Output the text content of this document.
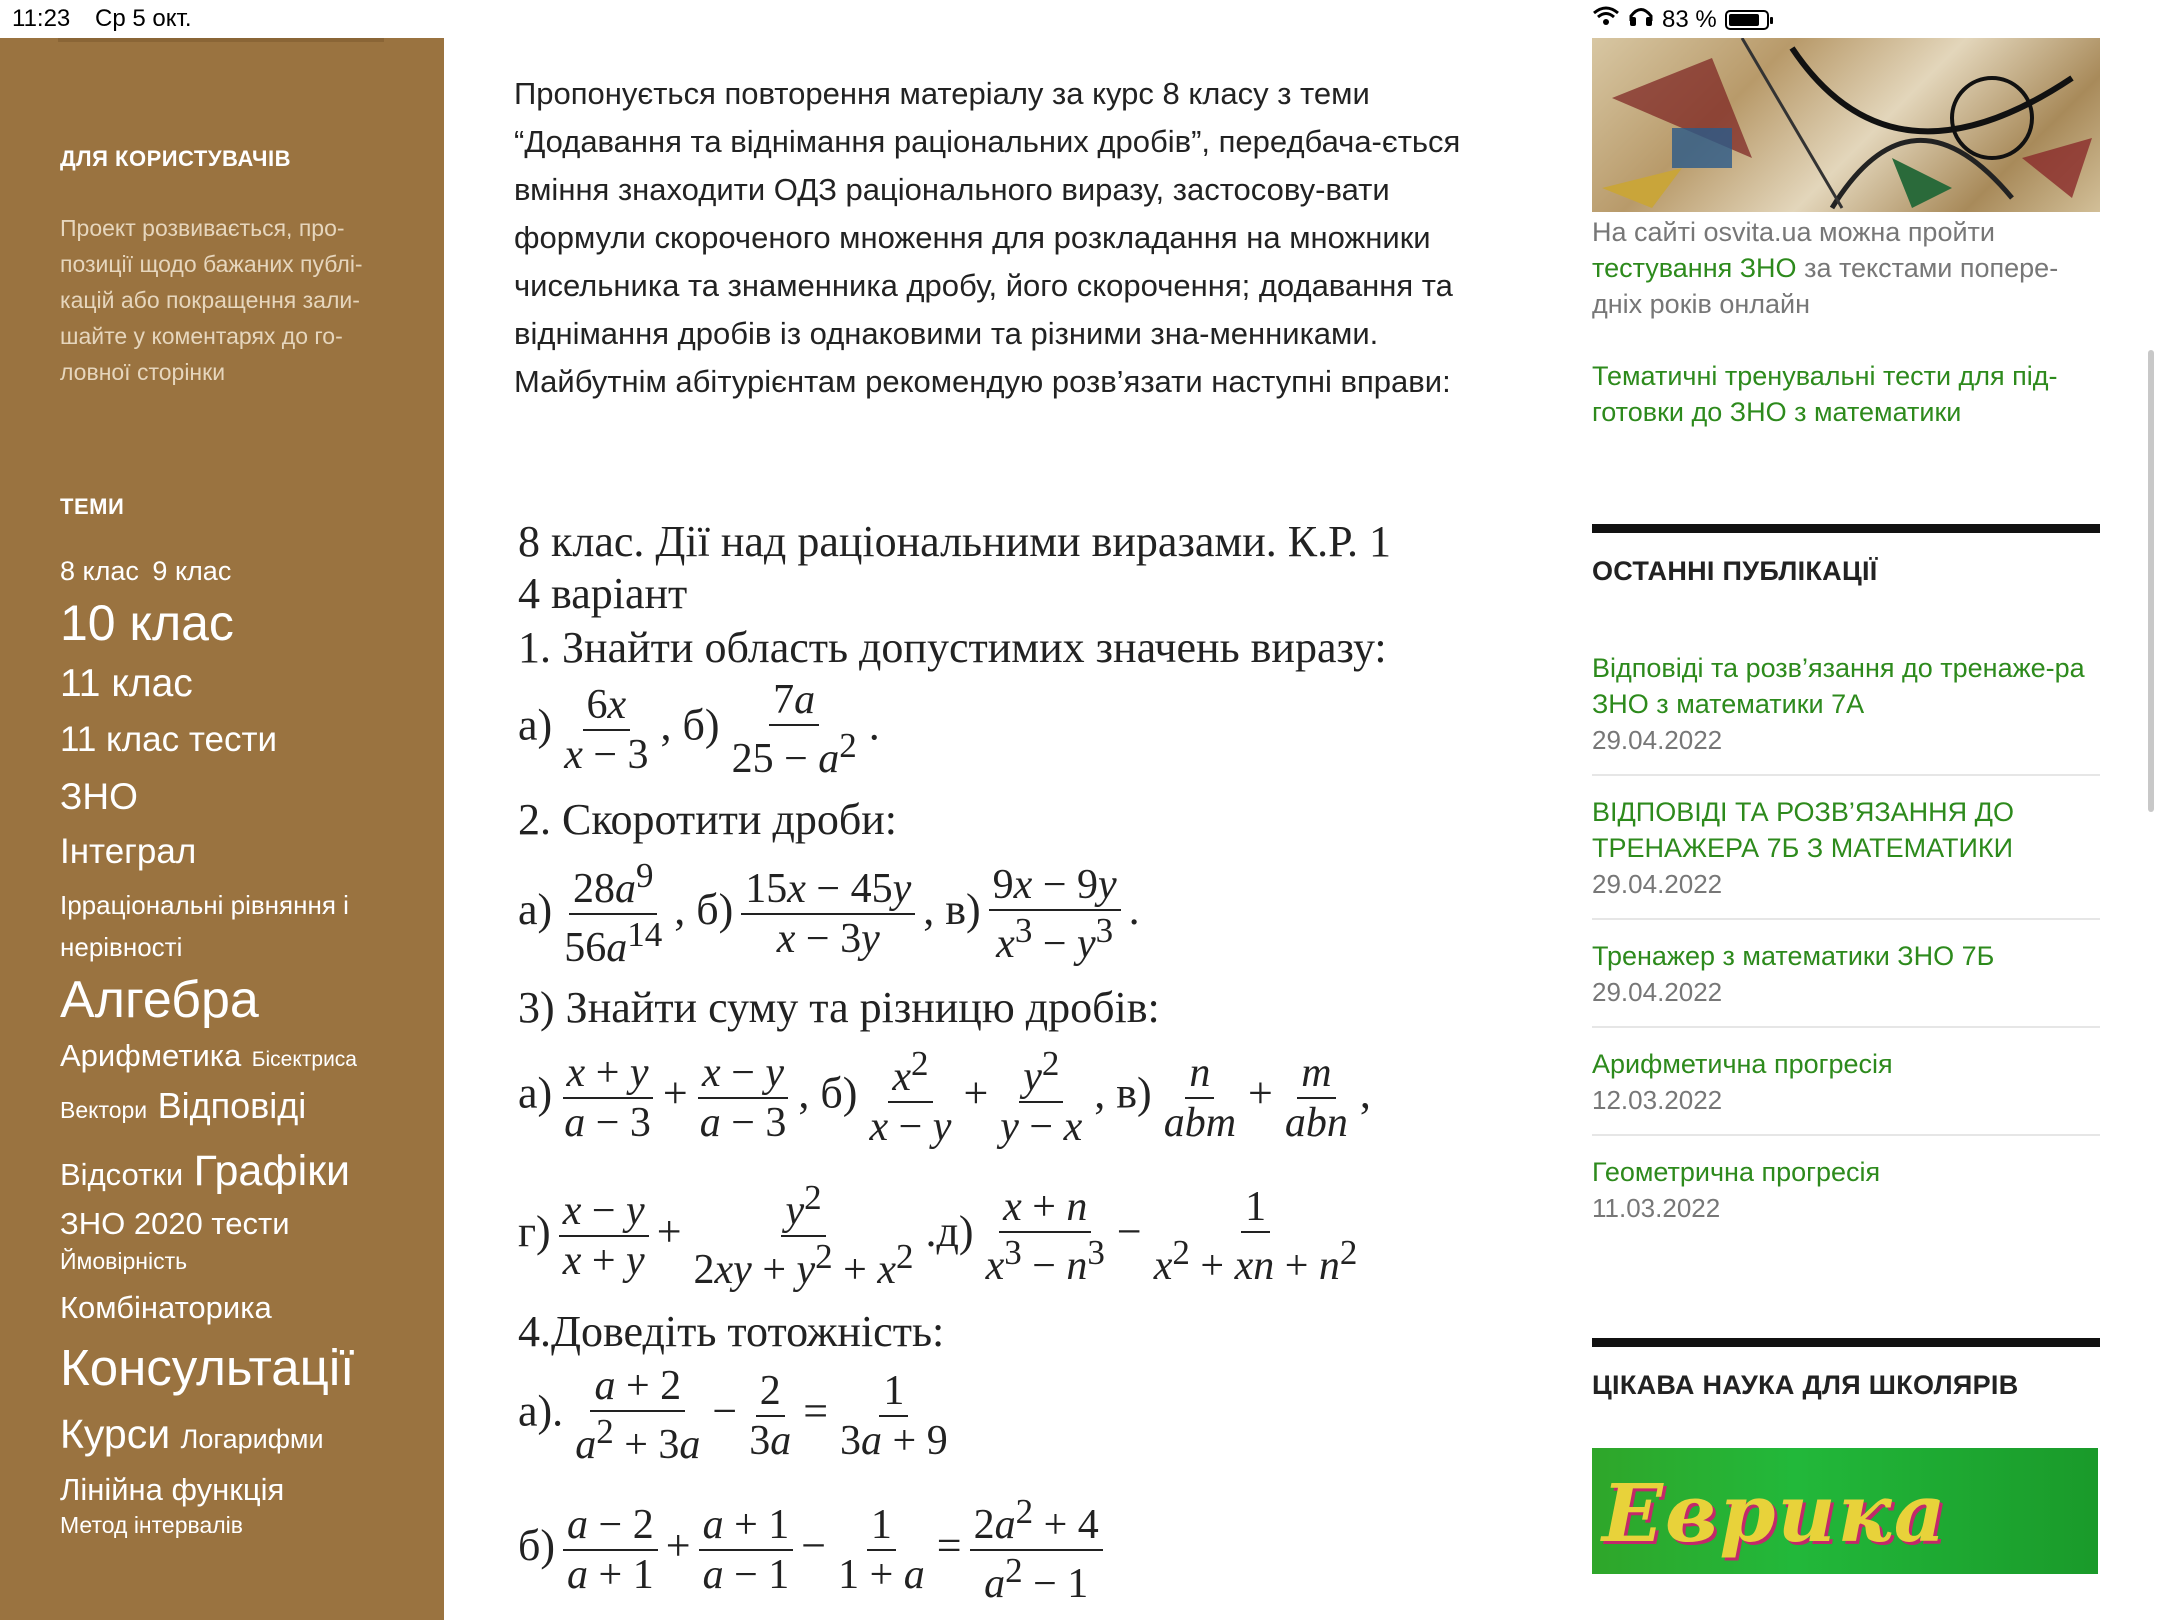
11:23 Ср 5 окт.	83 %
ДЛЯ КОРИСТУВАЧІВ
Проект розвивається, про-позиції щодо бажаних публі-кацій або покращення зали-шайте у коментарях до го-ловної сторінки
ТЕМИ
8 клас 9 клас
10 клас
11 клас
11 клас тести
ЗНО
Інтеграл
Ірраціональні рівняння і нерівності
Алгебра
Арифметика Бісектриса
Вектори Відповіді
Відсотки Графіки
ЗНО 2020 тести
Ймовірність
Комбінаторика
Консультації
Курси Логарифми
Лінійна функція
Метод інтервалів
Пропонується повторення матеріалу за курс 8 класу з теми “Додавання та віднімання раціональних дробів”, передбача-ється вміння знаходити ОДЗ раціонального виразу, застосову-вати формули скороченого множення для розкладання на множники чисельника та знаменника дробу, його скорочення; додавання та віднімання дробів із однаковими та різними зна-менниками. Майбутнім абітурієнтам рекомендую розв’язати наступні вправи:
8 клас. Дії над раціональними виразами. К.Р. 1
4 варіант
1. Знайти область допустимих значень виразу:
$а) \frac{6x}{x - 3}$ , $б) \frac{7a}{25 - a^2}$ .
2. Скоротити дроби:
$а) \frac{28a^9}{56a^{14}}$ , $б) \frac{15x - 45y}{x - 3y}$ , $в) \frac{9x - 9y}{x^3 - y^3}$ .
3) Знайти суму та різницю дробів:
$а) \frac{x + y}{a - 3} + \frac{x - y}{a - 3}$ , $б) \frac{x^2}{x - y} + \frac{y^2}{y - x}$ , $в) \frac{n}{\text{abm}} + \frac{m}{\text{abn}}$ ,
$г) \frac{x - y}{x + y} + \frac{y^2}{2xy + y^2 + x^2} .д) \frac{x + n}{x^3 - n^3} - \frac{1}{x^2 + xn + n^2}$
4.Доведіть тотожність:
а). $\frac{a + 2}{a^2 + 3a} - \frac{2}{3a} = \frac{1}{3a + 9}$
$б) \frac{a - 2}{a + 1} + \frac{a + 1}{a - 1} - \frac{1}{1 + a} = \frac{2a^2 + 4}{a^2 - 1}$
На сайті osvita.ua можна пройти тестування ЗНО за текстами попере-дніх років онлайн
Тематичні тренувальні тести для під-готовки до ЗНО з математики
ОСТАННІ ПУБЛІКАЦІЇ
Відповіді та розв’язання до тренаже-ра ЗНО з математики 7А
29.04.2022
ВІДПОВІДІ ТА РОЗВ’ЯЗАННЯ ДО ТРЕНАЖЕРА 7Б З МАТЕМАТИКИ
29.04.2022
Тренажер з математики ЗНО 7Б
29.04.2022
Арифметична прогресія
12.03.2022
Геометрична прогресія
11.03.2022
ЦІКАВА НАУКА ДЛЯ ШКОЛЯРІВ
Еврика
